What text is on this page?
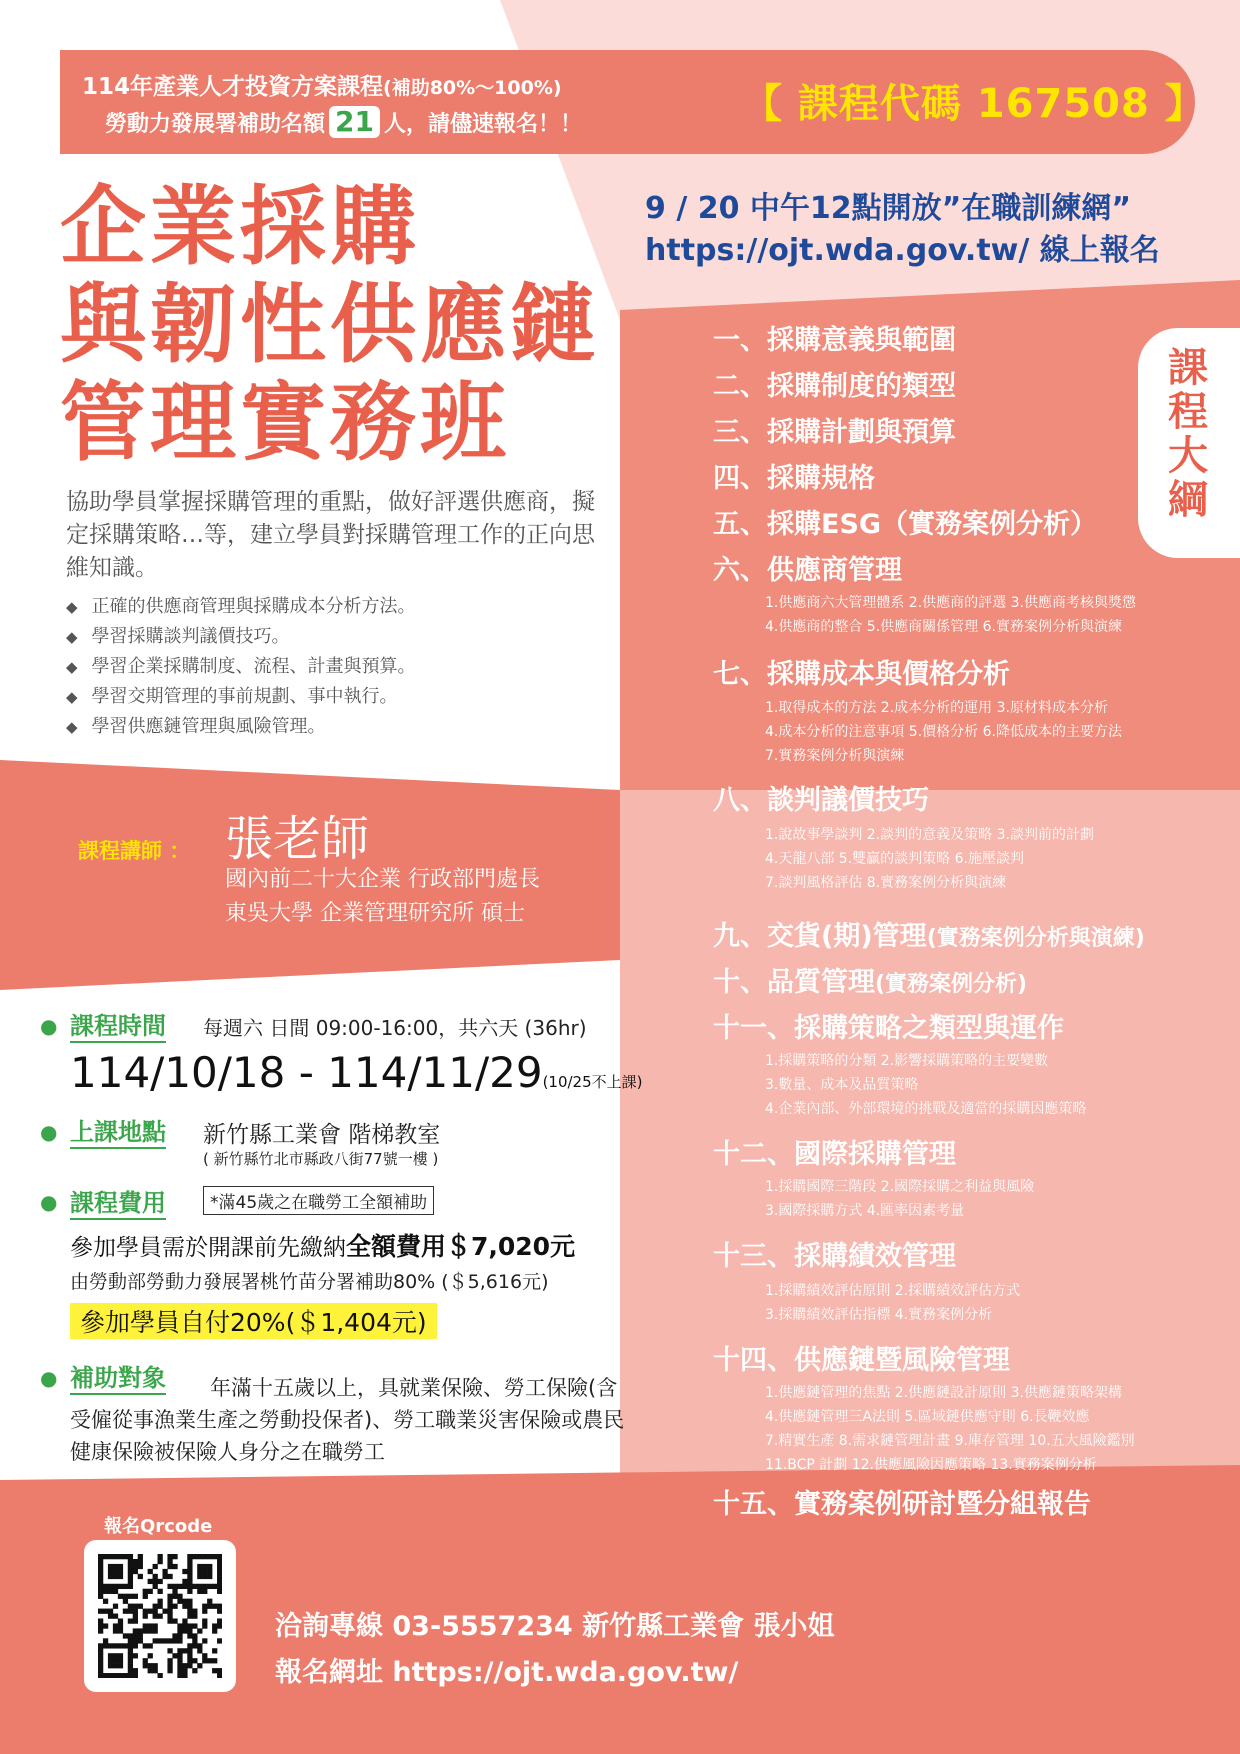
114年產業人才投資方案課程(補助80%～100%)
勞動力發展署補助名額 21 人，請儘速報名！！	【 課程代碼 167508 】
企業採購
與韌性供應鏈
管理實務班
9 / 20 中午12點開放”在職訓練網”
https://ojt.wda.gov.tw/ 線上報名
協助學員掌握採購管理的重點，做好評選供應商，擬定採購策略…等，建立學員對採購管理工作的正向思維知識。
◆ 正確的供應商管理與採購成本分析方法。
◆ 學習採購談判議價技巧。
◆ 學習企業採購制度、流程、計畫與預算。
◆ 學習交期管理的事前規劃、事中執行。
◆ 學習供應鏈管理與風險管理。
課程講師 ： 張老師
國內前二十大企業 行政部門處長
東吳大學 企業管理研究所 碩士
● 課程時間 每週六 日間 09:00-16:00，共六天 (36hr)
114/10/18 - 114/11/29(10/25不上課)
● 上課地點 新竹縣工業會 階梯教室
( 新竹縣竹北市縣政八街77號一樓 )
● 課程費用	*滿45歲之在職勞工全額補助
參加學員需於開課前先繳納全額費用＄7,020元
由勞動部勞動力發展署桃竹苗分署補助80% (＄5,616元)
參加學員自付20%(＄1,404元)
● 補助對象	年滿十五歲以上，具就業保險、勞工保險(含受僱從事漁業生產之勞動投保者)、勞工職業災害保險或農民健康保險被保險人身分之在職勞工
課程大綱
一、採購意義與範圍
二、採購制度的類型
三、採購計劃與預算
四、採購規格
五、採購ESG（實務案例分析）
六、供應商管理
1.供應商六大管理體系 2.供應商的評選 3.供應商考核與獎懲
4.供應商的整合 5.供應商關係管理 6.實務案例分析與演練
七、採購成本與價格分析
1.取得成本的方法 2.成本分析的運用 3.原材料成本分析
4.成本分析的注意事項 5.價格分析 6.降低成本的主要方法
7.實務案例分析與演練
八、談判議價技巧
1.說故事學談判 2.談判的意義及策略 3.談判前的計劃
4.天龍八部 5.雙贏的談判策略 6.施壓談判
7.談判風格評估 8.實務案例分析與演練
九、交貨(期)管理(實務案例分析與演練)
十、品質管理(實務案例分析)
十一、採購策略之類型與運作
1.採購策略的分類 2.影響採購策略的主要變數
3.數量、成本及品質策略
4.企業內部、外部環境的挑戰及適當的採購因應策略
十二、國際採購管理
1.採購國際三階段 2.國際採購之利益與風險
3.國際採購方式 4.匯率因素考量
十三、採購績效管理
1.採購績效評估原則 2.採購績效評估方式
3.採購績效評估指標 4.實務案例分析
十四、供應鏈暨風險管理
1.供應鏈管理的焦點 2.供應鏈設計原則 3.供應鏈策略架構
4.供應鏈管理三A法則 5.區域鏈供應守則 6.長鞭效應
7.精實生產 8.需求鏈管理計畫 9.庫存管理 10.五大風險鑑別
11.BCP 計劃 12.供應風險因應策略 13.實務案例分析
十五、實務案例研討暨分組報告
報名Qrcode
洽詢專線 03-5557234 新竹縣工業會 張小姐
報名網址 https://ojt.wda.gov.tw/
